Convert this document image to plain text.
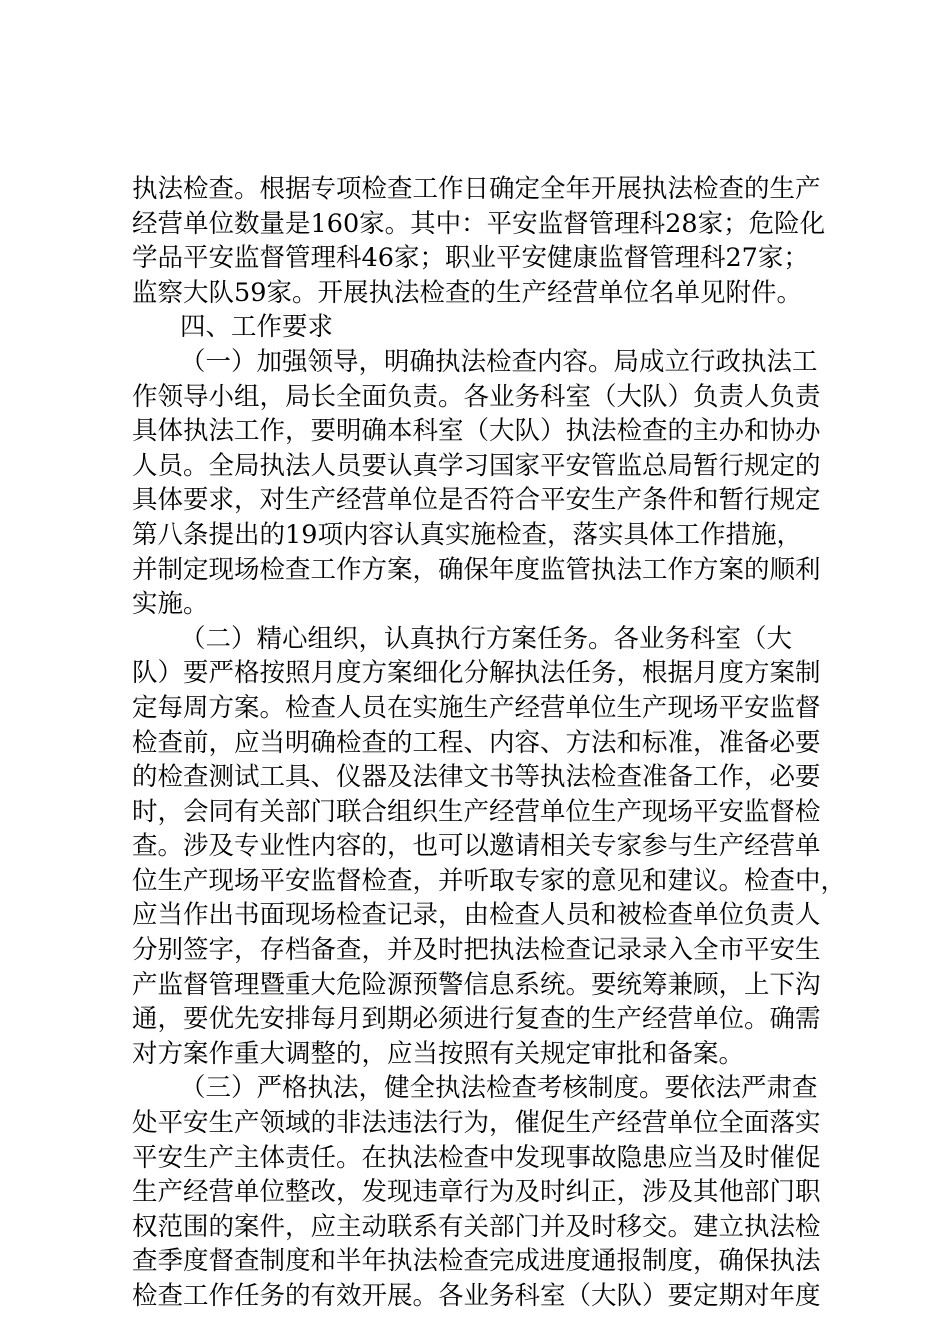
执法检查。根据专项检查工作日确定全年开展执法检查的生产
经营单位数量是160家。其中：平安监督管理科28家；危险化
学品平安监督管理科46家；职业平安健康监督管理科27家；
监察大队59家。开展执法检查的生产经营单位名单见附件。
四、工作要求
（一）加强领导，明确执法检查内容。局成立行政执法工
作领导小组，局长全面负责。各业务科室（大队）负责人负责
具体执法工作，要明确本科室（大队）执法检查的主办和协办
人员。全局执法人员要认真学习国家平安管监总局暂行规定的
具体要求，对生产经营单位是否符合平安生产条件和暂行规定
第八条提出的19项内容认真实施检查，落实具体工作措施，
并制定现场检查工作方案，确保年度监管执法工作方案的顺利
实施。
（二）精心组织，认真执行方案任务。各业务科室（大
队）要严格按照月度方案细化分解执法任务，根据月度方案制
定每周方案。检查人员在实施生产经营单位生产现场平安监督
检查前，应当明确检查的工程、内容、方法和标准，准备必要
的检查测试工具、仪器及法律文书等执法检查准备工作，必要
时，会同有关部门联合组织生产经营单位生产现场平安监督检
查。涉及专业性内容的，也可以邀请相关专家参与生产经营单
位生产现场平安监督检查，并听取专家的意见和建议。检查中，
应当作出书面现场检查记录，由检查人员和被检查单位负责人
分别签字，存档备查，并及时把执法检查记录录入全市平安生
产监督管理暨重大危险源预警信息系统。要统筹兼顾，上下沟
通，要优先安排每月到期必须进行复查的生产经营单位。确需
对方案作重大调整的，应当按照有关规定审批和备案。
（三）严格执法，健全执法检查考核制度。要依法严肃查
处平安生产领域的非法违法行为，催促生产经营单位全面落实
平安生产主体责任。在执法检查中发现事故隐患应当及时催促
生产经营单位整改，发现违章行为及时纠正，涉及其他部门职
权范围的案件，应主动联系有关部门并及时移交。建立执法检
查季度督查制度和半年执法检查完成进度通报制度，确保执法
检查工作任务的有效开展。各业务科室（大队）要定期对年度
